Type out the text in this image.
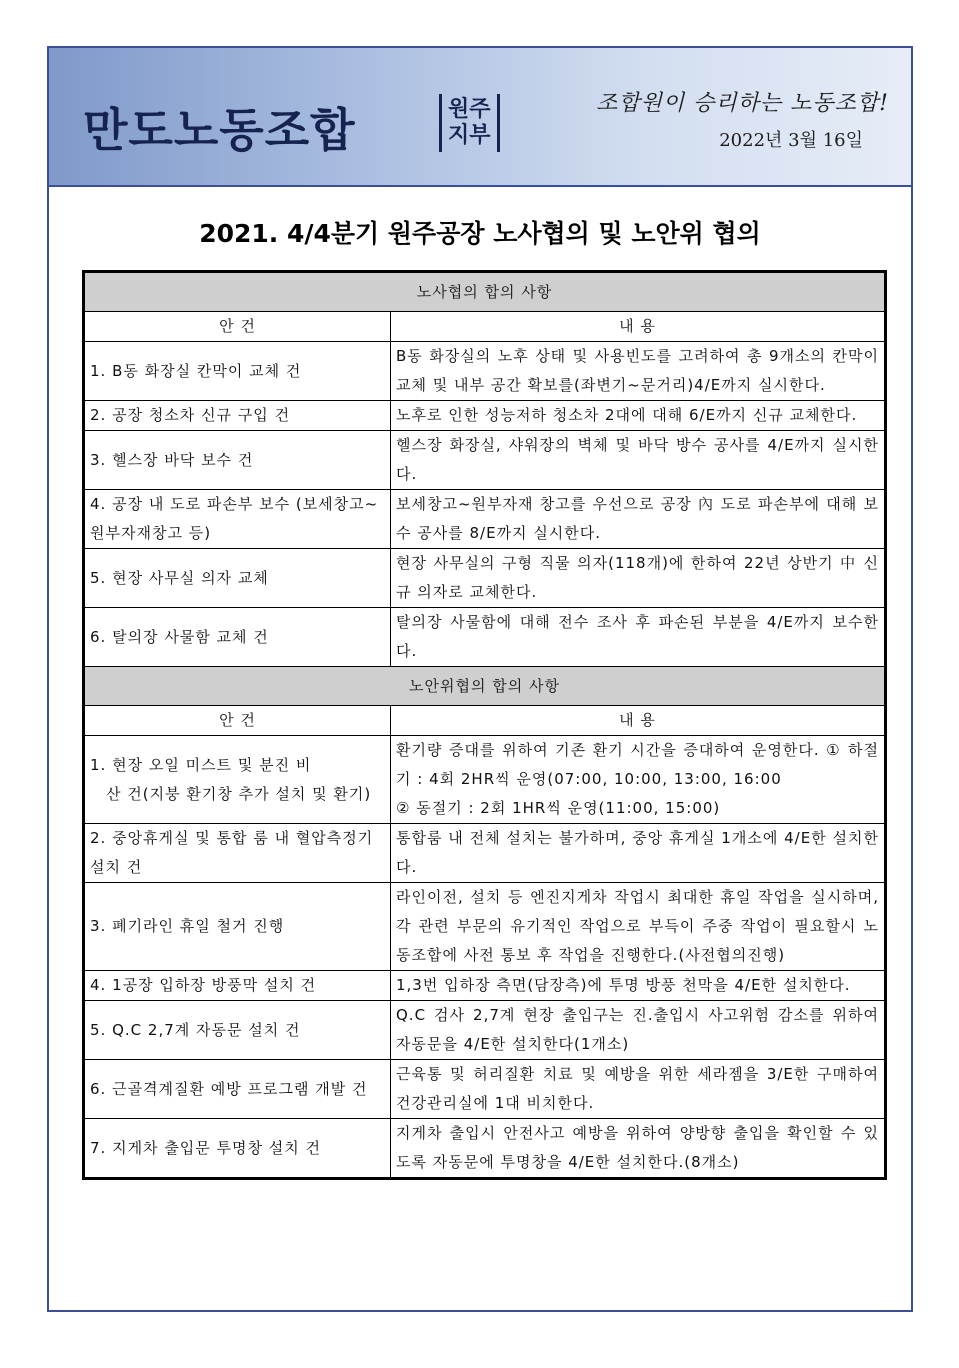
만도노동조합	원주
지부
조합원이 승리하는 노동조합!
2022년 3월 16일
2021. 4/4분기 원주공장 노사협의 및 노안위 협의
노사협의 합의 사항	
안 건	내 용
1. B동 화장실 칸막이 교체 건	B동 화장실의 노후 상태 및 사용빈도를 고려하여 총 9개소의 칸막이 교체 및 내부 공간 확보를(좌변기~문거리)4/E까지 실시한다.
2. 공장 청소차 신규 구입 건	노후로 인한 성능저하 청소차 2대에 대해 6/E까지 신규 교체한다.
3. 헬스장 바닥 보수 건	헬스장 화장실, 샤워장의 벽체 및 바닥 방수 공사를 4/E까지 실시한다.
4. 공장 내 도로 파손부 보수 (보세창고~원부자재창고 등)	보세창고~원부자재 창고를 우선으로 공장 內 도로 파손부에 대해 보수 공사를 8/E까지 실시한다.
5. 현장 사무실 의자 교체	현장 사무실의 구형 직물 의자(118개)에 한하여 22년 상반기 中 신규 의자로 교체한다.
6. 탈의장 사물함 교체 건	탈의장 사물함에 대해 전수 조사 후 파손된 부분을 4/E까지 보수한다.
노안위협의 합의 사항	
안 건	내 용
1. 현장 오일 미스트 및 분진 비
산 건(지붕 환기창 추가 설치 및 환기)	환기량 증대를 위하여 기존 환기 시간을 증대하여 운영한다. ① 하절기 : 4회 2HR씩 운영(07:00, 10:00, 13:00, 16:00
② 동절기 : 2회 1HR씩 운영(11:00, 15:00)
2. 중앙휴게실 및 통합 룸 내 혈압측정기 설치 건	통합룸 내 전체 설치는 불가하며, 중앙 휴게실 1개소에 4/E한 설치한다.
3. 폐기라인 휴일 철거 진행	라인이전, 설치 등 엔진지게차 작업시 최대한 휴일 작업을 실시하며, 각 관련 부문의 유기적인 작업으로 부득이 주중 작업이 필요할시 노동조합에 사전 통보 후 작업을 진행한다.(사전협의진행)
4. 1공장 입하장 방풍막 설치 건	1,3번 입하장 측면(담장측)에 투명 방풍 천막을 4/E한 설치한다.
5. Q.C 2,7계 자동문 설치 건	Q.C 검사 2,7계 현장 출입구는 진.출입시 사고위험 감소를 위하여 자동문을 4/E한 설치한다(1개소)
6. 근골격계질환 예방 프로그램 개발 건	근육통 및 허리질환 치료 및 예방을 위한 세라젬을 3/E한 구매하여 건강관리실에 1대 비치한다.
7. 지게차 출입문 투명창 설치 건	지게차 출입시 안전사고 예방을 위하여 양방향 출입을 확인할 수 있도록 자동문에 투명창을 4/E한 설치한다.(8개소)
